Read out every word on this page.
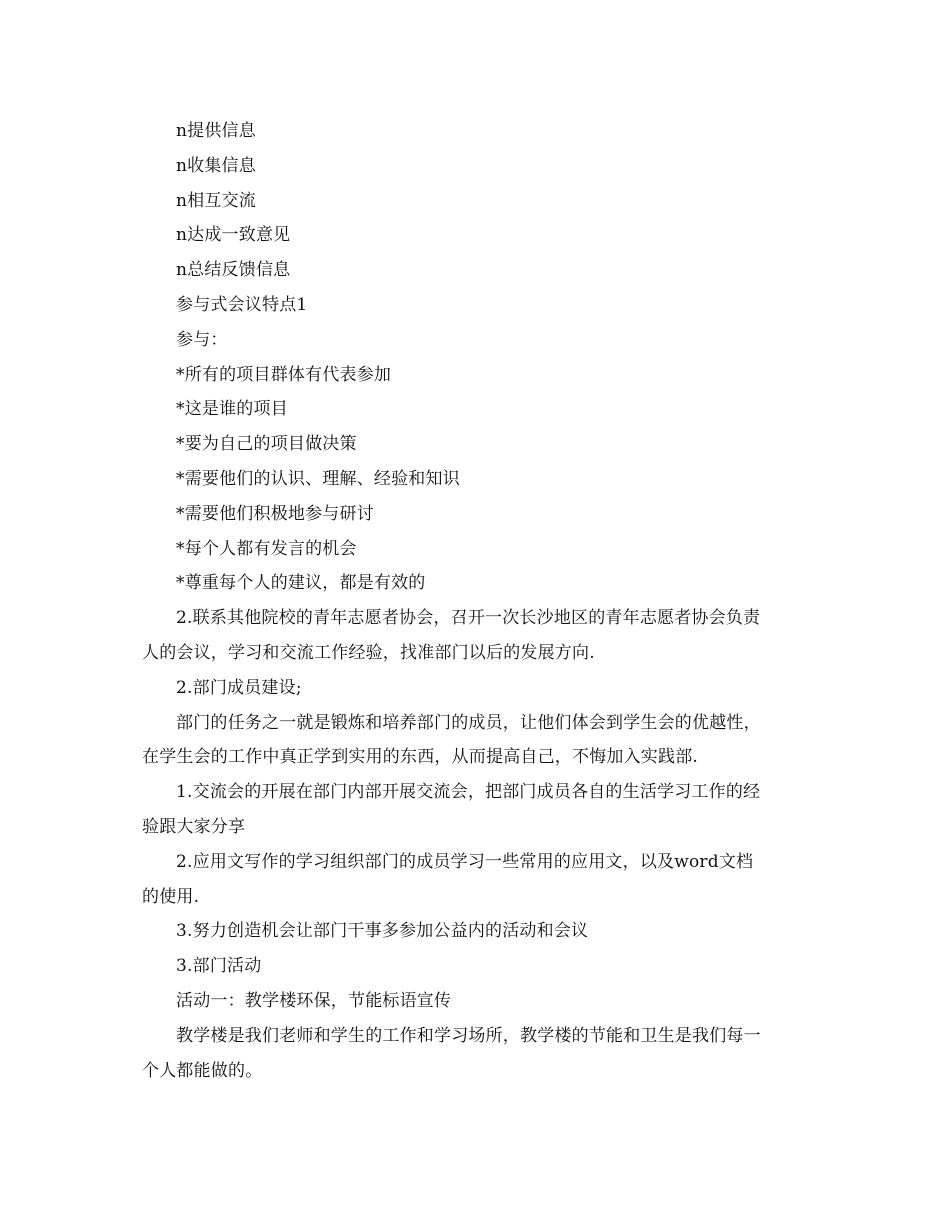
n提供信息
n收集信息
n相互交流
n达成一致意见
n总结反馈信息
参与式会议特点1
参与：
*所有的项目群体有代表参加
*这是谁的项目
*要为自己的项目做决策
*需要他们的认识、理解、经验和知识
*需要他们积极地参与研讨
*每个人都有发言的机会
*尊重每个人的建议，都是有效的
2.联系其他院校的青年志愿者协会，召开一次长沙地区的青年志愿者协会负责
人的会议，学习和交流工作经验，找准部门以后的发展方向.
2.部门成员建设;
部门的任务之一就是锻炼和培养部门的成员，让他们体会到学生会的优越性，
在学生会的工作中真正学到实用的东西，从而提高自己，不悔加入实践部.
1.交流会的开展在部门内部开展交流会，把部门成员各自的生活学习工作的经
验跟大家分享
2.应用文写作的学习组织部门的成员学习一些常用的应用文，以及word文档
的使用.
3.努力创造机会让部门干事多参加公益内的活动和会议
3.部门活动
活动一：教学楼环保，节能标语宣传
教学楼是我们老师和学生的工作和学习场所，教学楼的节能和卫生是我们每一
个人都能做的。
